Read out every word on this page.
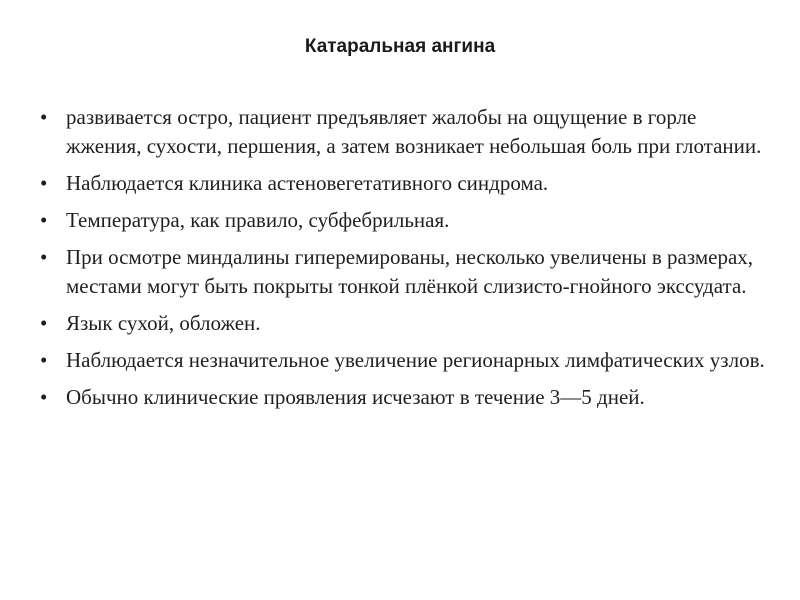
Катаральная ангина
• развивается остро, пациент предъявляет жалобы на ощущение в горле жжения, сухости, першения, а затем возникает небольшая боль при глотании.
• Наблюдается клиника астеновегетативного синдрома.
• Температура, как правило, субфебрильная.
• При осмотре миндалины гиперемированы, несколько увеличены в размерах, местами могут быть покрыты тонкой плёнкой слизисто-гнойного экссудата.
• Язык сухой, обложен.
• Наблюдается незначительное увеличение регионарных лимфатических узлов.
• Обычно клинические проявления исчезают в течение 3—5 дней.
